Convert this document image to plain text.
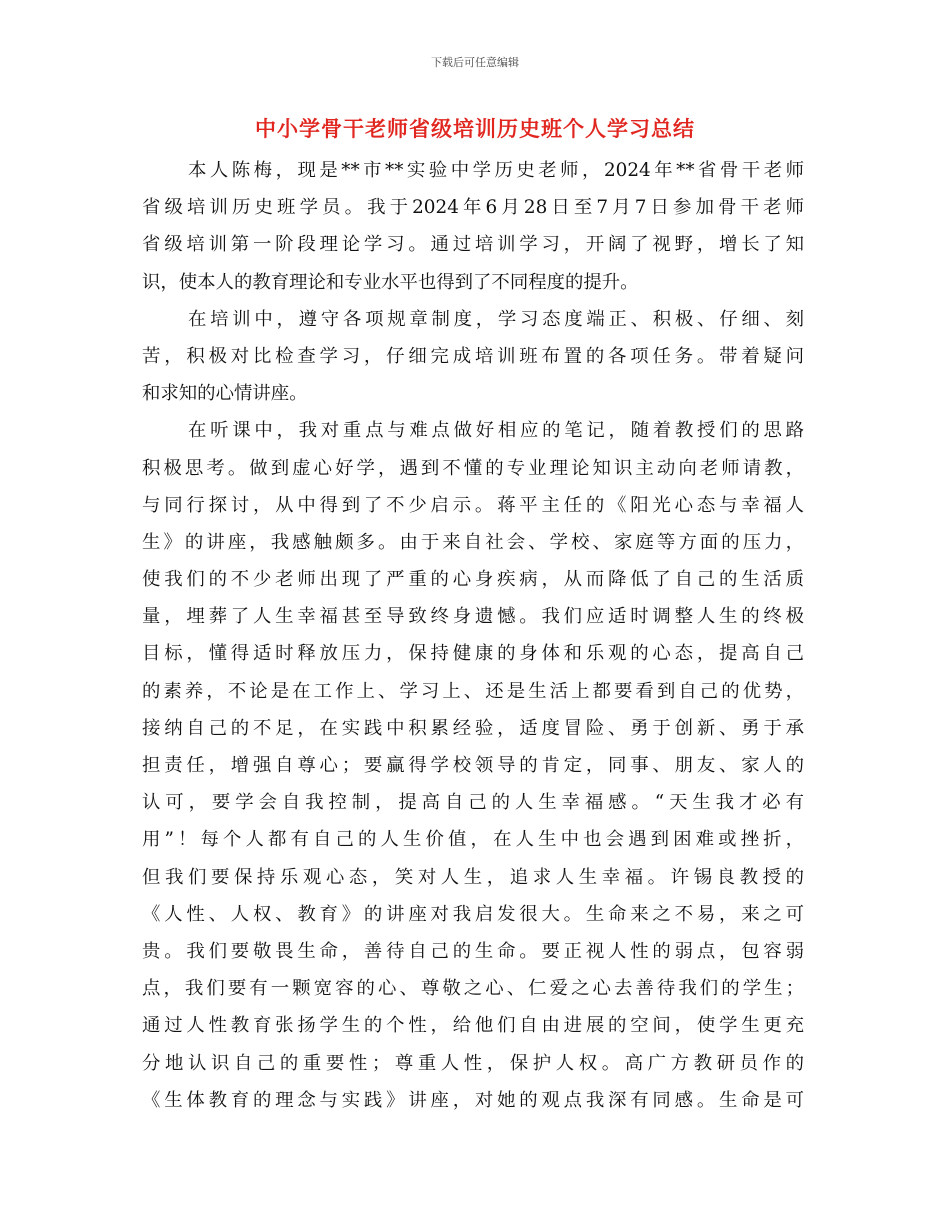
下载后可任意编辑
中小学骨干老师省级培训历史班个人学习总结
本人陈梅，现是**市**实验中学历史老师，2024年**省骨干老师
省级培训历史班学员。我于2024年6月28日至7月7日参加骨干老师
省级培训第一阶段理论学习。通过培训学习，开阔了视野，增长了知
识，使本人的教育理论和专业水平也得到了不同程度的提升。
在培训中，遵守各项规章制度，学习态度端正、积极、仔细、刻
苦，积极对比检查学习，仔细完成培训班布置的各项任务。带着疑问
和求知的心情讲座。
在听课中，我对重点与难点做好相应的笔记，随着教授们的思路
积极思考。做到虚心好学，遇到不懂的专业理论知识主动向老师请教，
与同行探讨，从中得到了不少启示。蒋平主任的《阳光心态与幸福人
生》的讲座，我感触颇多。由于来自社会、学校、家庭等方面的压力，
使我们的不少老师出现了严重的心身疾病，从而降低了自己的生活质
量，埋葬了人生幸福甚至导致终身遗憾。我们应适时调整人生的终极
目标，懂得适时释放压力，保持健康的身体和乐观的心态，提高自己
的素养，不论是在工作上、学习上、还是生活上都要看到自己的优势，
接纳自己的不足，在实践中积累经验，适度冒险、勇于创新、勇于承
担责任，增强自尊心；要赢得学校领导的肯定，同事、朋友、家人的
认可，要学会自我控制，提高自己的人生幸福感。“天生我才必有
用”！每个人都有自己的人生价值，在人生中也会遇到困难或挫折，
但我们要保持乐观心态，笑对人生，追求人生幸福。许锡良教授的
《人性、人权、教育》的讲座对我启发很大。生命来之不易，来之可
贵。我们要敬畏生命，善待自己的生命。要正视人性的弱点，包容弱
点，我们要有一颗宽容的心、尊敬之心、仁爱之心去善待我们的学生；
通过人性教育张扬学生的个性，给他们自由进展的空间，使学生更充
分地认识自己的重要性；尊重人性，保护人权。高广方教研员作的
《生体教育的理念与实践》讲座，对她的观点我深有同感。生命是可
